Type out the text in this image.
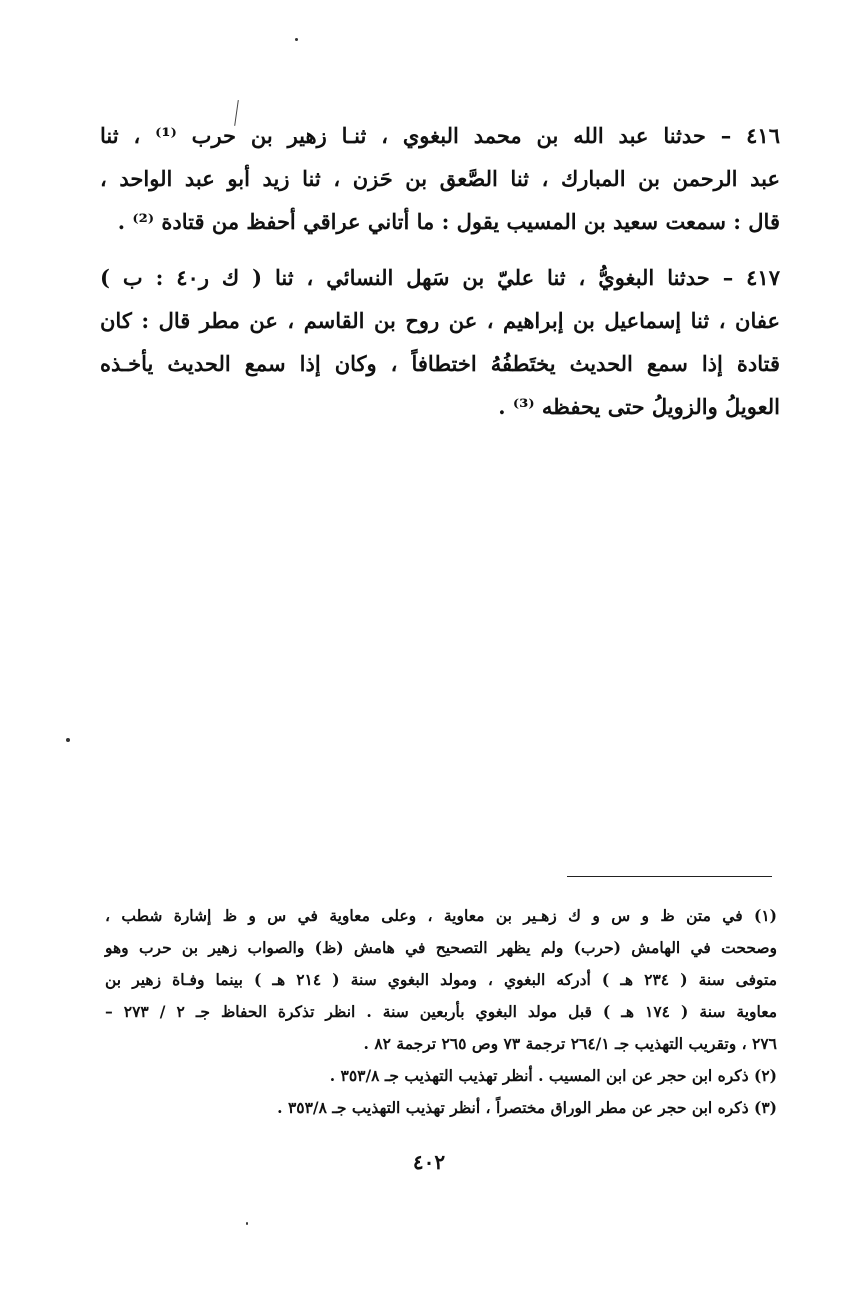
٤١٦ – حدثنا عبد الله بن محمد البغوي ، ثنـا زهير بن حرب ⁽¹⁾ ، ثنا
عبد الرحمن بن المبارك ، ثنا الصَّعق بن حَزن ، ثنا زيد أبو عبد الواحد ،
قال : سمعت سعيد بن المسيب يقول : ما أتاني عراقي أحفظ من قتادة ⁽²⁾ .
٤١٧ – حدثنا البغويُّ ، ثنا عليّ بن سَهل النسائي ، ثنا ( ك ر٤٠ : ب )
عفان ، ثنا إسماعيل بن إبراهيم ، عن روح بن القاسم ، عن مطر قال : كان
قتادة إذا سمع الحديث يختَطفُهُ اختطافاً ، وكان إذا سمع الحديث يأخـذه
العويلُ والزويلُ حتى يحفظه ⁽³⁾ .
(١) في متن ظ و س و ك زهـير بن معاوية ، وعلى معاوية في س و ظ إشارة شطب ،
وصححت في الهامش (حرب) ولم يظهر التصحيح في هامش (ظ) والصواب زهير بن حرب وهو
متوفى سنة ( ٢٣٤ هـ ) أدركه البغوي ، ومولد البغوي سنة ( ٢١٤ هـ ) بينما وفـاة زهير بن
معاوية سنة ( ١٧٤ هـ ) قبل مولد البغوي بأربعين سنة . انظر تذكرة الحفاظ جـ ٢ / ٢٧٣ –
٢٧٦ ، وتقريب التهذيب جـ ٢٦٤/١ ترجمة ٧٣ وص ٢٦٥ ترجمة ٨٢ .
(٢) ذكره ابن حجر عن ابن المسيب . أنظر تهذيب التهذيب جـ ٣٥٣/٨ .
(٣) ذكره ابن حجر عن مطر الوراق مختصراً ، أنظر تهذيب التهذيب جـ ٣٥٣/٨ .
٤٠٢
